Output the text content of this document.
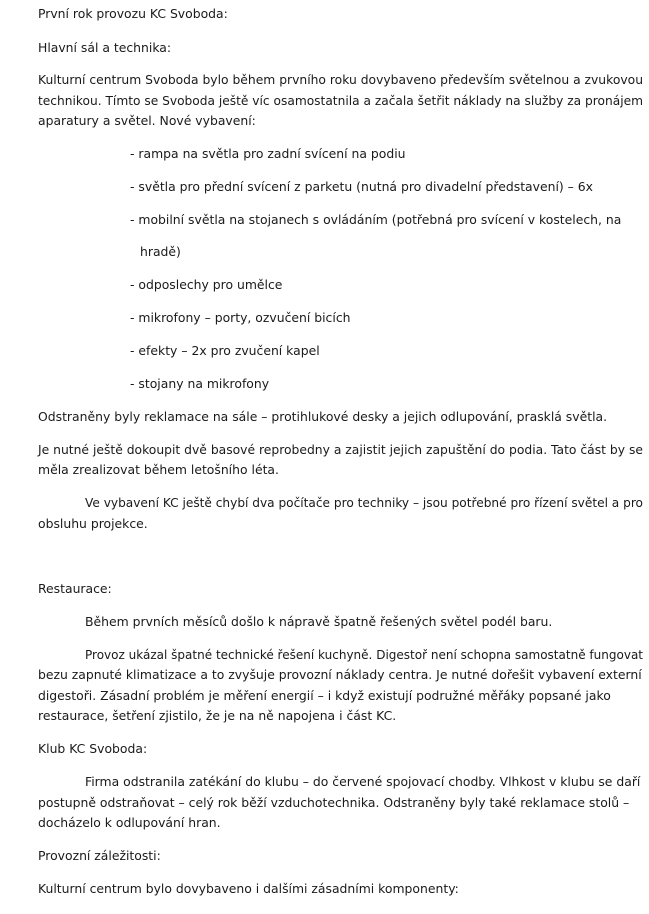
První rok provozu KC Svoboda:
Hlavní sál a technika:
Kulturní centrum Svoboda bylo během prvního roku dovybaveno především světelnou a zvukovou
technikou. Tímto se Svoboda ještě víc osamostatnila a začala šetřit náklady na služby za pronájem
aparatury a světel. Nové vybavení:
- rampa na světla pro zadní svícení na podiu
- světla pro přední svícení z parketu (nutná pro divadelní představení) – 6x
- mobilní světla na stojanech s ovládáním (potřebná pro svícení v kostelech, na
hradě)
- odposlechy pro umělce
- mikrofony – porty, ozvučení bicích
- efekty – 2x pro zvučení kapel
- stojany na mikrofony
Odstraněny byly reklamace na sále – protihlukové desky a jejich odlupování, prasklá světla.
Je nutné ještě dokoupit dvě basové reprobedny a zajistit jejich zapuštění do podia. Tato část by se
měla zrealizovat během letošního léta.
Ve vybavení KC ještě chybí dva počítače pro techniky – jsou potřebné pro řízení světel a pro
obsluhu projekce.
Restaurace:
Během prvních měsíců došlo k nápravě špatně řešených světel podél baru.
Provoz ukázal špatné technické řešení kuchyně. Digestoř není schopna samostatně fungovat
bezu zapnuté klimatizace a to zvyšuje provozní náklady centra. Je nutné dořešit vybavení externí
digestoři. Zásadní problém je měření energií – i když existují podružné měřáky popsané jako
restaurace, šetření zjistilo, že je na ně napojena i část KC.
Klub KC Svoboda:
Firma odstranila zatékání do klubu – do červené spojovací chodby. Vlhkost v klubu se daří
postupně odstraňovat – celý rok běží vzduchotechnika. Odstraněny byly také reklamace stolů –
docházelo k odlupování hran.
Provozní záležitosti:
Kulturní centrum bylo dovybaveno i dalšími zásadními komponenty:
